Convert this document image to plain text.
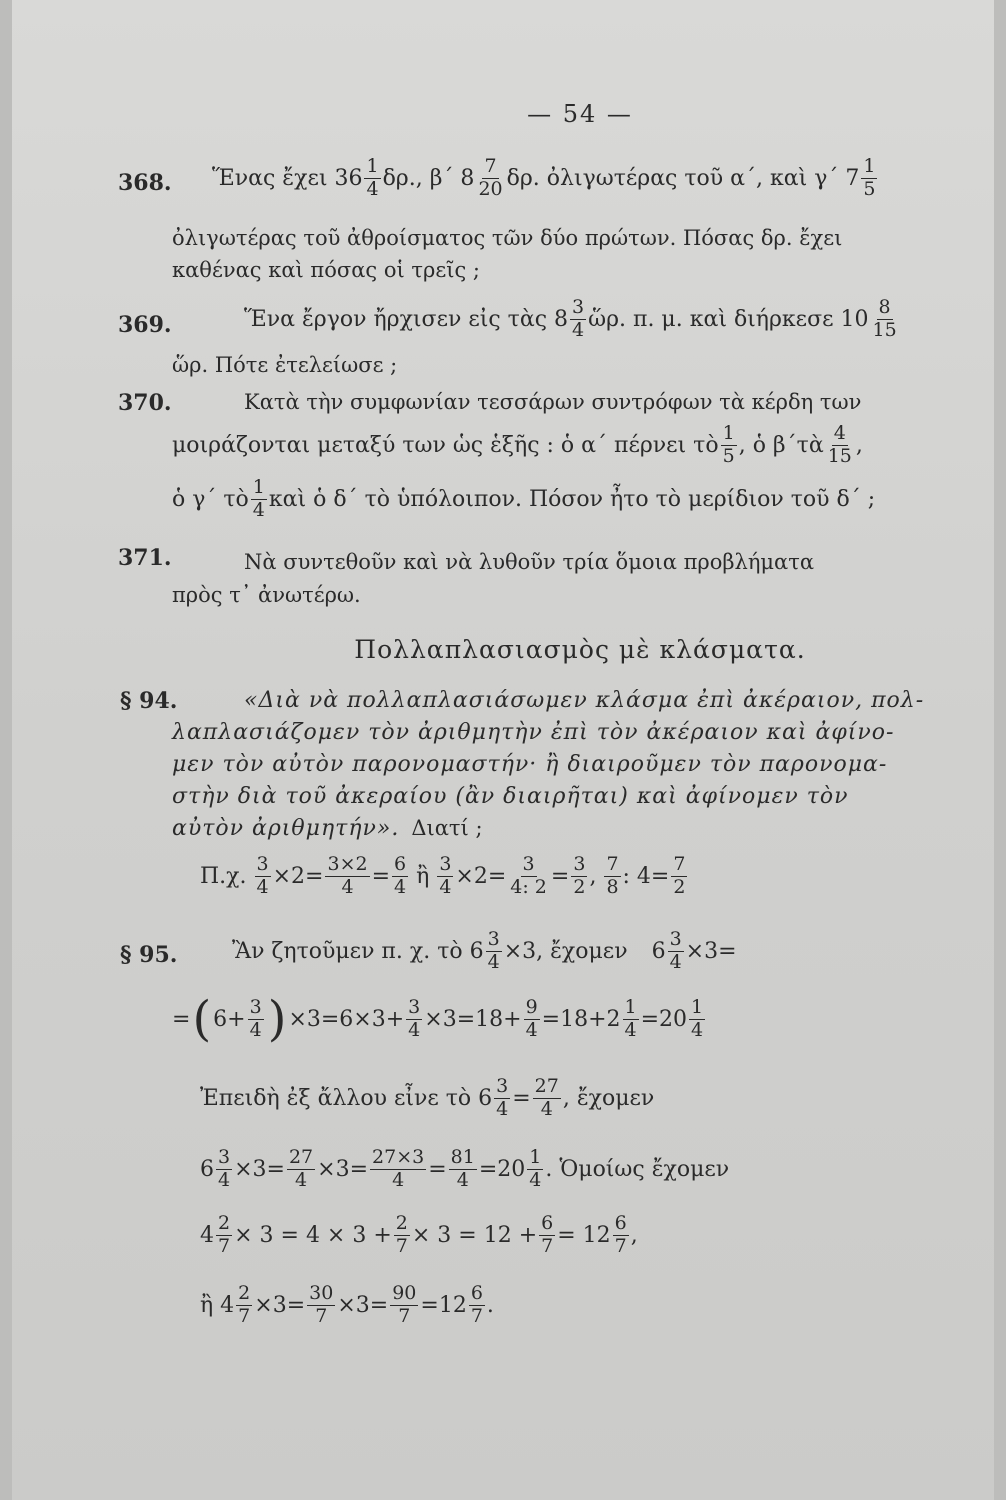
— 54 —
368. Ἕνας ἔχει $36 \frac{1}{4} \delta\rho$., β΄ $8 \frac{7}{20} \delta\rho$. ὀλιγωτέρας τοῦ α΄, καὶ γ΄ $7 \frac{1}{5}$
ὀλιγωτέρας τοῦ ἀθροίσματος τῶν δύο πρώτων. Πόσας δρ. ἔχει
καθένας καὶ πόσας οἱ τρεῖς ;
369.	Ἕνα ἔργον ἤρχισεν εἰς τὰς $8 \frac{3}{4}$ ὥρ. π. μ. καὶ διήρκεσε $10 \frac{8}{15}$
ὥρ. Πότε ἐτελείωσε ;
370.	Κατὰ τὴν συμφωνίαν τεσσάρων συντρόφων τὰ κέρδη των
μοιράζονται μεταξύ των ὡς ἑξῆς : ὁ α΄ πέρνει τὸ $\frac{1}{5}$ , ὁ β΄τὰ $\frac{4}{15}$ ,
ὁ γ΄ τὸ $\frac{1}{4}$ καὶ ὁ δ΄ τὸ ὑπόλοιπον. Πόσον ἦτο τὸ μερίδιον τοῦ δ΄ ;
371.	Νὰ συντεθοῦν καὶ νὰ λυθοῦν τρία ὅμοια προβλήματα
πρὸς τ᾽ ἀνωτέρω.
Πολλαπλασιασμὸς μὲ κλάσματα.
§ 94.	«Διὰ νὰ πολλαπλασιάσωμεν κλάσμα ἐπὶ ἀκέραιον, πολ-
λαπλασιάζομεν τὸν ἀριθμητὴν ἐπὶ τὸν ἀκέραιον καὶ ἀφίνο-
μεν τὸν αὐτὸν παρονομαστήν· ἢ διαιροῦμεν τὸν παρονομα-
στὴν διὰ τοῦ ἀκεραίου (ἂν διαιρῆται) καὶ ἀφίνομεν τὸν
αὐτὸν ἀριθμητήν». Διατί ;
Π.χ. $\frac{3}{4} \times 2= \frac{3\times 2}{4} = \frac{6}{4}$ ἢ $\frac{3}{4} \times 2= \frac{3}{4: 2} = \frac{3}{2}$ , $\frac{7}{8}$ : $4= \frac{7}{2}$
§ 95. Ἂν ζητοῦμεν π. χ. τὸ $6 \frac{3}{4} \times 3$, ἔχομεν $6 \frac{3}{4} \times 3=$
= ( $6+ \frac{3}{4}$ ) $\times 3=6\times 3+ \frac{3}{4} \times 3=18+ \frac{9}{4} =18+2 \frac{1}{4} =20 \frac{1}{4}$
Ἐπειδὴ ἐξ ἄλλου εἶνε τὸ $6 \frac{3}{4} = \frac{27}{4}$ , ἔχομεν
$6 \frac{3}{4} \times 3= \frac{27}{4} \times 3= \frac{27\times 3}{4} = \frac{81}{4} =20 \frac{1}{4}$ . Ὁμοίως ἔχομεν
$4 \frac{2}{7} \times 3 = 4 \times 3 + \frac{2}{7} \times 3 = 12 + \frac{6}{7} = 12 \frac{6}{7}$ ,
ἢ $4 \frac{2}{7} \times 3= \frac{30}{7} \times 3= \frac{90}{7} =12 \frac{6}{7}$ .
